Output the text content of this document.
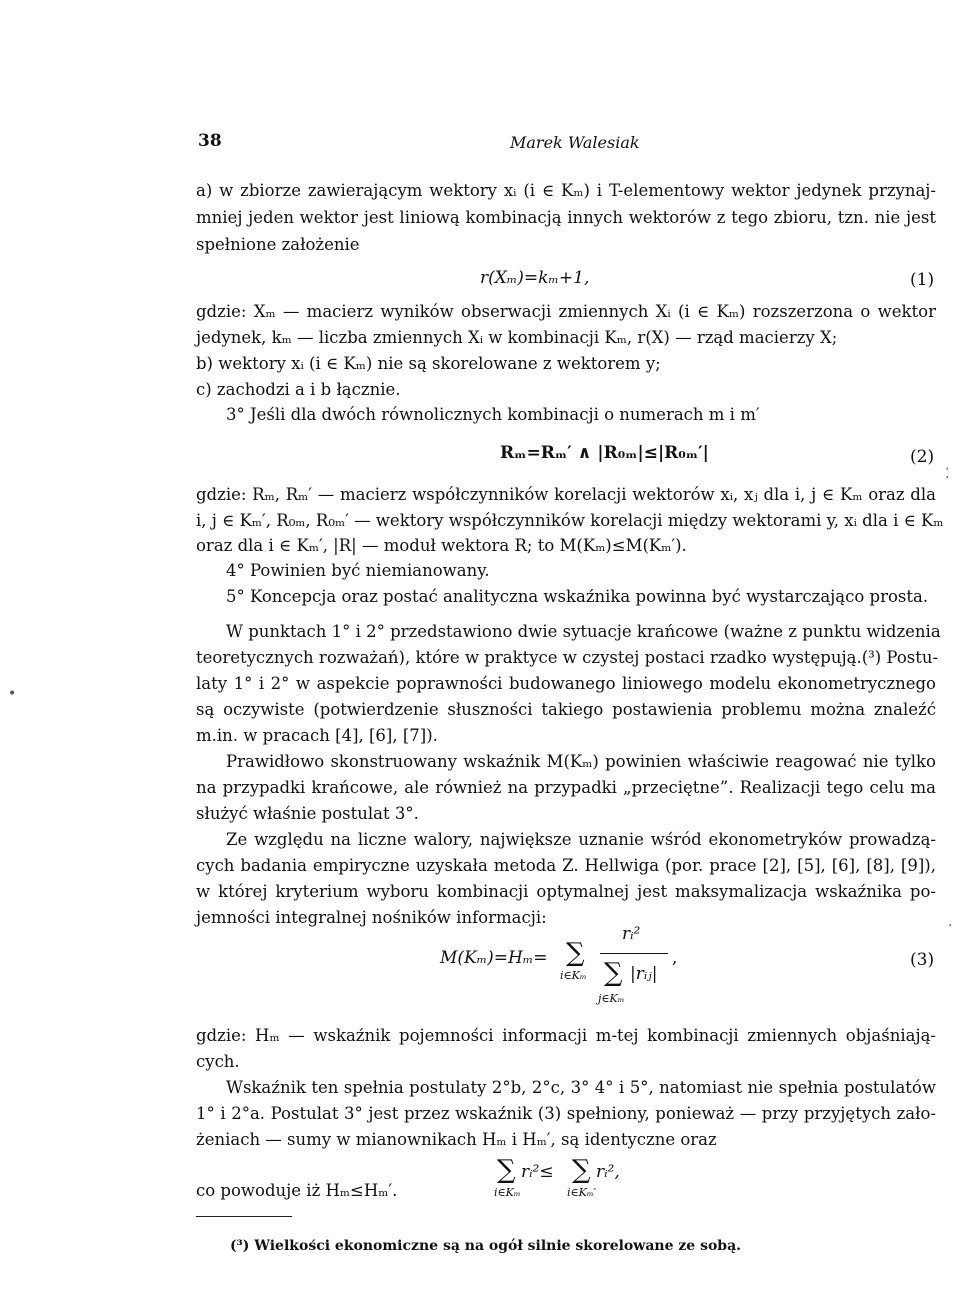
38	Marek Walesiak
a) w zbiorze zawierającym wektory xᵢ (i ∈ Kₘ) i T-elementowy wektor jedynek przynaj-
mniej jeden wektor jest liniową kombinacją innych wektorów z tego zbioru, tzn. nie jest
spełnione założenie
r(Xₘ)=kₘ+1,	(1)
gdzie: Xₘ — macierz wyników obserwacji zmiennych Xᵢ (i ∈ Kₘ) rozszerzona o wektor
jedynek, kₘ — liczba zmiennych Xᵢ w kombinacji Kₘ, r(X) — rząd macierzy X;
b) wektory xᵢ (i ∈ Kₘ) nie są skorelowane z wektorem y;
c) zachodzi a i b łącznie.
3° Jeśli dla dwóch równolicznych kombinacji o numerach m i m′
Rₘ=Rₘ′ ∧ |R₀ₘ|≤|R₀ₘ′|	(2)
gdzie: Rₘ, Rₘ′ — macierz współczynników korelacji wektorów xᵢ, xⱼ dla i, j ∈ Kₘ oraz dla
i, j ∈ Kₘ′, R₀ₘ, R₀ₘ′ — wektory współczynników korelacji między wektorami y, xᵢ dla i ∈ Kₘ
oraz dla i ∈ Kₘ′, |R| — moduł wektora R; to M(Kₘ)≤M(Kₘ′).
4° Powinien być niemianowany.
5° Koncepcja oraz postać analityczna wskaźnika powinna być wystarczająco prosta.
W punktach 1° i 2° przedstawiono dwie sytuacje krańcowe (ważne z punktu widzenia
teoretycznych rozważań), które w praktyce w czystej postaci rzadko występują.(³) Postu-
laty 1° i 2° w aspekcie poprawności budowanego liniowego modelu ekonometrycznego
są oczywiste (potwierdzenie słuszności takiego postawienia problemu można znaleźć
m.in. w pracach [4], [6], [7]).
Prawidłowo skonstruowany wskaźnik M(Kₘ) powinien właściwie reagować nie tylko
na przypadki krańcowe, ale również na przypadki „przeciętne”. Realizacji tego celu ma
służyć właśnie postulat 3°.
Ze względu na liczne walory, największe uznanie wśród ekonometryków prowadzą-
cych badania empiryczne uzyskała metoda Z. Hellwiga (por. prace [2], [5], [6], [8], [9]),
w której kryterium wyboru kombinacji optymalnej jest maksymalizacja wskaźnika po-
jemności integralnej nośników informacji:
M(Kₘ)=Hₘ= ∑
i∈Kₘ
rᵢ²
∑ |rᵢⱼ|
j∈Kₘ
,	(3)
gdzie: Hₘ — wskaźnik pojemności informacji m-tej kombinacji zmiennych objaśniają-
cych.
Wskaźnik ten spełnia postulaty 2°b, 2°c, 3° 4° i 5°, natomiast nie spełnia postulatów
1° i 2°a. Postulat 3° jest przez wskaźnik (3) spełniony, ponieważ — przy przyjętych zało-
żeniach — sumy w mianownikach Hₘ i Hₘ′, są identyczne oraz
∑ rᵢ²≤
i∈Kₘ
∑ rᵢ²,
i∈Kₘ′
co powoduje iż Hₘ≤Hₘ′.
(³) Wielkości ekonomiczne są na ogół silnie skorelowane ze sobą.
•
⁚
·
